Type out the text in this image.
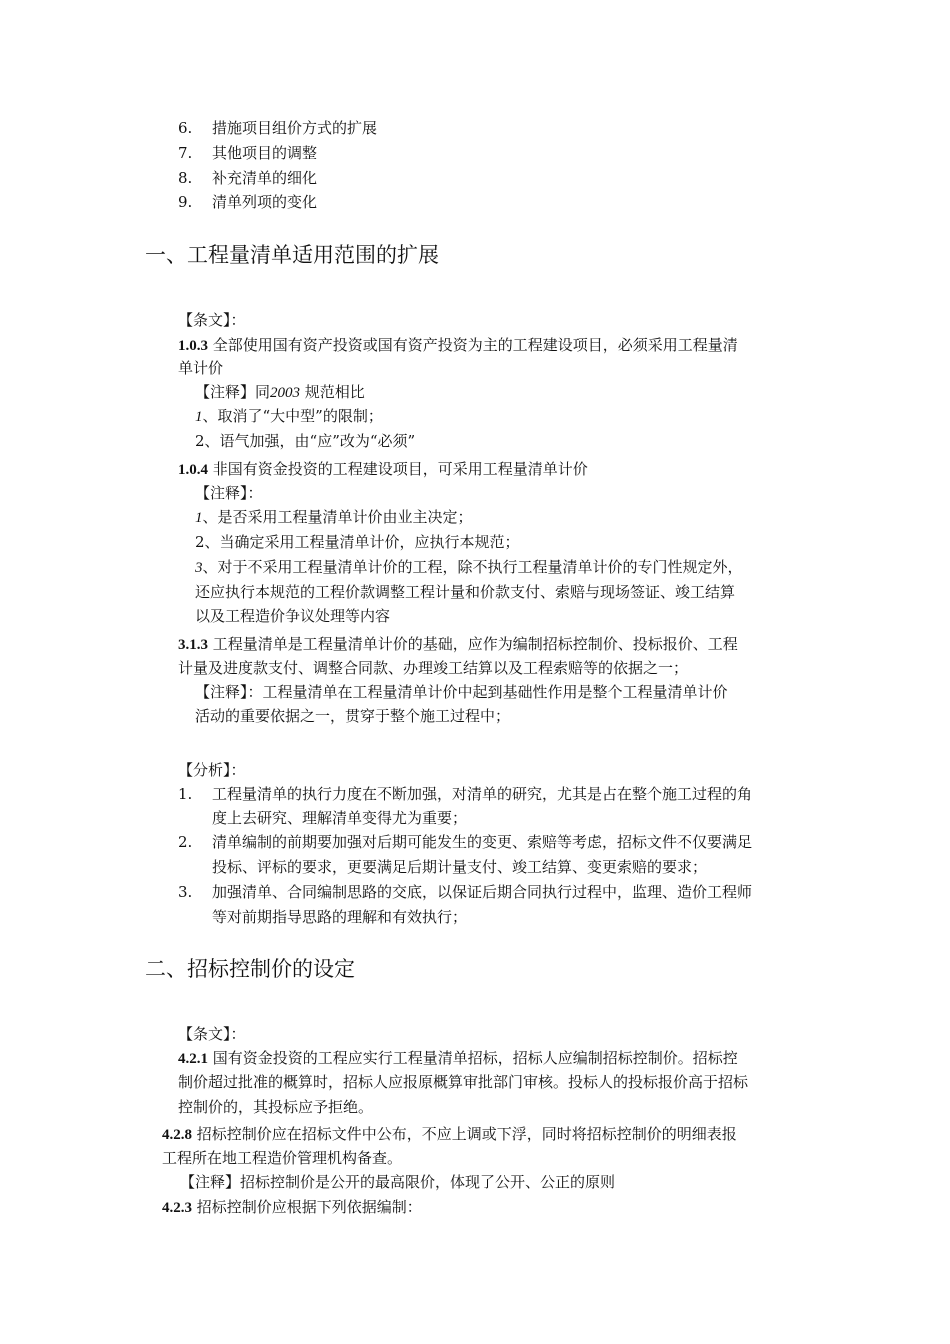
6. 措施项目组价方式的扩展
7. 其他项目的调整
8. 补充清单的细化
9. 清单列项的变化
一、工程量清单适用范围的扩展
【条文】：
1.0.3 全部使用国有资产投资或国有资产投资为主的工程建设项目，必须采用工程量清
单计价
【注释】同2003 规范相比
1、取消了“大中型”的限制；
2、语气加强，由“应”改为“必须”
1.0.4 非国有资金投资的工程建设项目，可采用工程量清单计价
【注释】：
1、是否采用工程量清单计价由业主决定；
2、当确定采用工程量清单计价，应执行本规范；
3、对于不采用工程量清单计价的工程，除不执行工程量清单计价的专门性规定外，
还应执行本规范的工程价款调整工程计量和价款支付、索赔与现场签证、竣工结算
以及工程造价争议处理等内容
3.1.3 工程量清单是工程量清单计价的基础，应作为编制招标控制价、投标报价、工程
计量及进度款支付、调整合同款、办理竣工结算以及工程索赔等的依据之一；
【注释】：工程量清单在工程量清单计价中起到基础性作用是整个工程量清单计价
活动的重要依据之一，贯穿于整个施工过程中；
【分析】：
1. 工程量清单的执行力度在不断加强，对清单的研究，尤其是占在整个施工过程的角
度上去研究、理解清单变得尤为重要；
2. 清单编制的前期要加强对后期可能发生的变更、索赔等考虑，招标文件不仅要满足
投标、评标的要求，更要满足后期计量支付、竣工结算、变更索赔的要求；
3. 加强清单、合同编制思路的交底，以保证后期合同执行过程中，监理、造价工程师
等对前期指导思路的理解和有效执行；
二、招标控制价的设定
【条文】：
4.2.1 国有资金投资的工程应实行工程量清单招标，招标人应编制招标控制价。招标控
制价超过批准的概算时，招标人应报原概算审批部门审核。投标人的投标报价高于招标
控制价的，其投标应予拒绝。
4.2.8 招标控制价应在招标文件中公布，不应上调或下浮，同时将招标控制价的明细表报
工程所在地工程造价管理机构备查。
【注释】招标控制价是公开的最高限价，体现了公开、公正的原则
4.2.3 招标控制价应根据下列依据编制：
